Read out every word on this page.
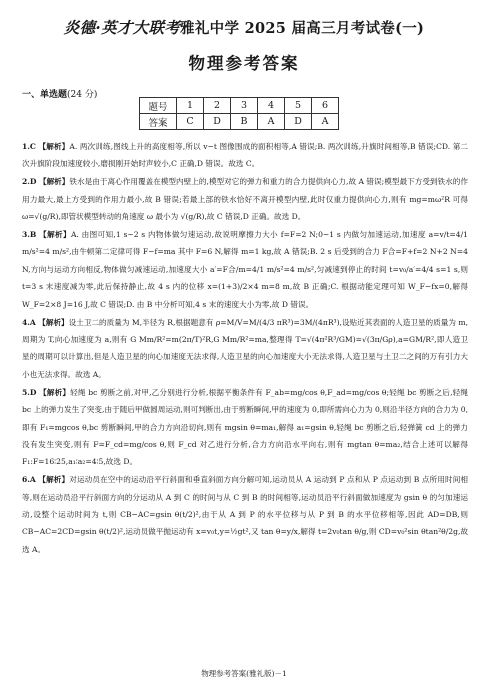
炎德·英才大联考雅礼中学 2025 届高三月考试卷(一)
物理参考答案
一、单选题(24 分)
题号	1	2	3	4	5	6
答案	C	D	B	A	D	A

1.C 【解析】A. 两次训练,图线上升的高度相等,所以 v−t 图像围成的面积相等,A 错误;B. 两次训练,升旗时间相等,B 错误;CD. 第二次升旗阶段加速度较小,磨损刚开始时声较小,C 正确,D 错误。故选 C。

2.D 【解析】铁水是由于离心作用覆盖在模型内壁上的,模型对它的弹力和重力的合力提供向心力,故 A 错误;模型最下方受到铁水的作用力最大,最上方受到的作用力最小,故 B 错误;若最上部的铁水恰好不离开模型内壁,此时仅重力提供向心力,则有 mg=mω²R 可得 ω=√(g/R),即管状模型转动的角速度 ω 最小为 √(g/R),故 C 错误,D 正确。故选 D。

3.B 【解析】A. 由图可知,1 s~2 s 内物体做匀速运动,故说明摩擦力大小 f=F=2 N;0~1 s 内做匀加速运动,加速度 a=v/t=4/1 m/s²=4 m/s²,由牛顿第二定律可得 F−f=ma 其中 F=6 N,解得 m=1 kg,故 A 错误;B. 2 s 后受到的合力 F合=F+f=2 N+2 N=4 N,方向与运动方向相反,物体做匀减速运动,加速度大小 a′=F合/m=4/1 m/s²=4 m/s²,匀减速到停止的时间 t=v₀/a′=4/4 s=1 s,则 t=3 s 末速度减为零,此后保持静止,故 4 s 内的位移 x=(1+3)/2×4 m=8 m,故 B 正确;C. 根据动能定理可知 W_F−fx=0,解得 W_F=2×8 J=16 J,故 C 错误;D. 由 B 中分析可知,4 s 末的速度大小为零,故 D 错误。

4.A 【解析】设土卫二的质量为 M,半径为 R,根据题意有 ρ=M/V=M/(4/3 πR³)=3M/(4πR³),设贴近其表面的人造卫星的质量为 m,周期为 T,向心加速度为 a,则有 G Mm/R²=m(2π/T)²R,G Mm/R²=ma,整理得 T=√(4π²R³/GM)=√(3π/Gρ),a=GM/R²,即人造卫星的周期可以计算出,但是人造卫星的向心加速度无法求得,人造卫星的向心加速度大小无法求得,人造卫星与土卫二之间的万有引力大小也无法求得。故选 A。

5.D 【解析】轻绳 bc 剪断之前,对甲,乙分别进行分析,根据平衡条件有 F_ab=mg/cos θ,F_ad=mg/cos θ;轻绳 bc 剪断之后,轻绳 bc 上的弹力发生了突变,由于随后甲做圆周运动,则可判断出,由于剪断瞬间,甲的速度为 0,即所需向心力为 0,则沿半径方向的合力为 0,即有 F₁=mgcos θ,bc 剪断瞬间,甲的合力方向沿切向,则有 mgsin θ=ma₁,解得 a₁=gsin θ,轻绳 bc 剪断之后,轻弹簧 cd 上的弹力没有发生突变,则有 F=F_cd=mg/cos θ,则 F_cd 对乙进行分析,合力方向沿水平向右,则有 mgtan θ=ma₂,结合上述可以解得 F₁:F=16∶25,a₁∶a₂=4∶5,故选 D。

6.A 【解析】对运动员在空中的运动沿平行斜面和垂直斜面方向分解可知,运动员从 A 运动到 P 点和从 P 点运动到 B 点所用时间相等,则在运动员沿平行斜面方向的分运动从 A 到 C 的时间与从 C 到 B 的时间相等,运动员沿平行斜面做加速度为 gsin θ 的匀加速运动,设整个运动时间为 t,则 CB−AC=gsin θ(t/2)²,由于从 A 到 P 的水平位移与从 P 到 B 的水平位移相等,因此 AD=DB,则 CB−AC=2CD=gsin θ(t/2)²,运动员做平抛运动有 x=v₀t,y=½gt²,又 tan θ=y/x,解得 t=2v₀tan θ/g,则 CD=v₀²sin θtan²θ/2g,故选 A。

物理参考答案(雅礼版)－1
